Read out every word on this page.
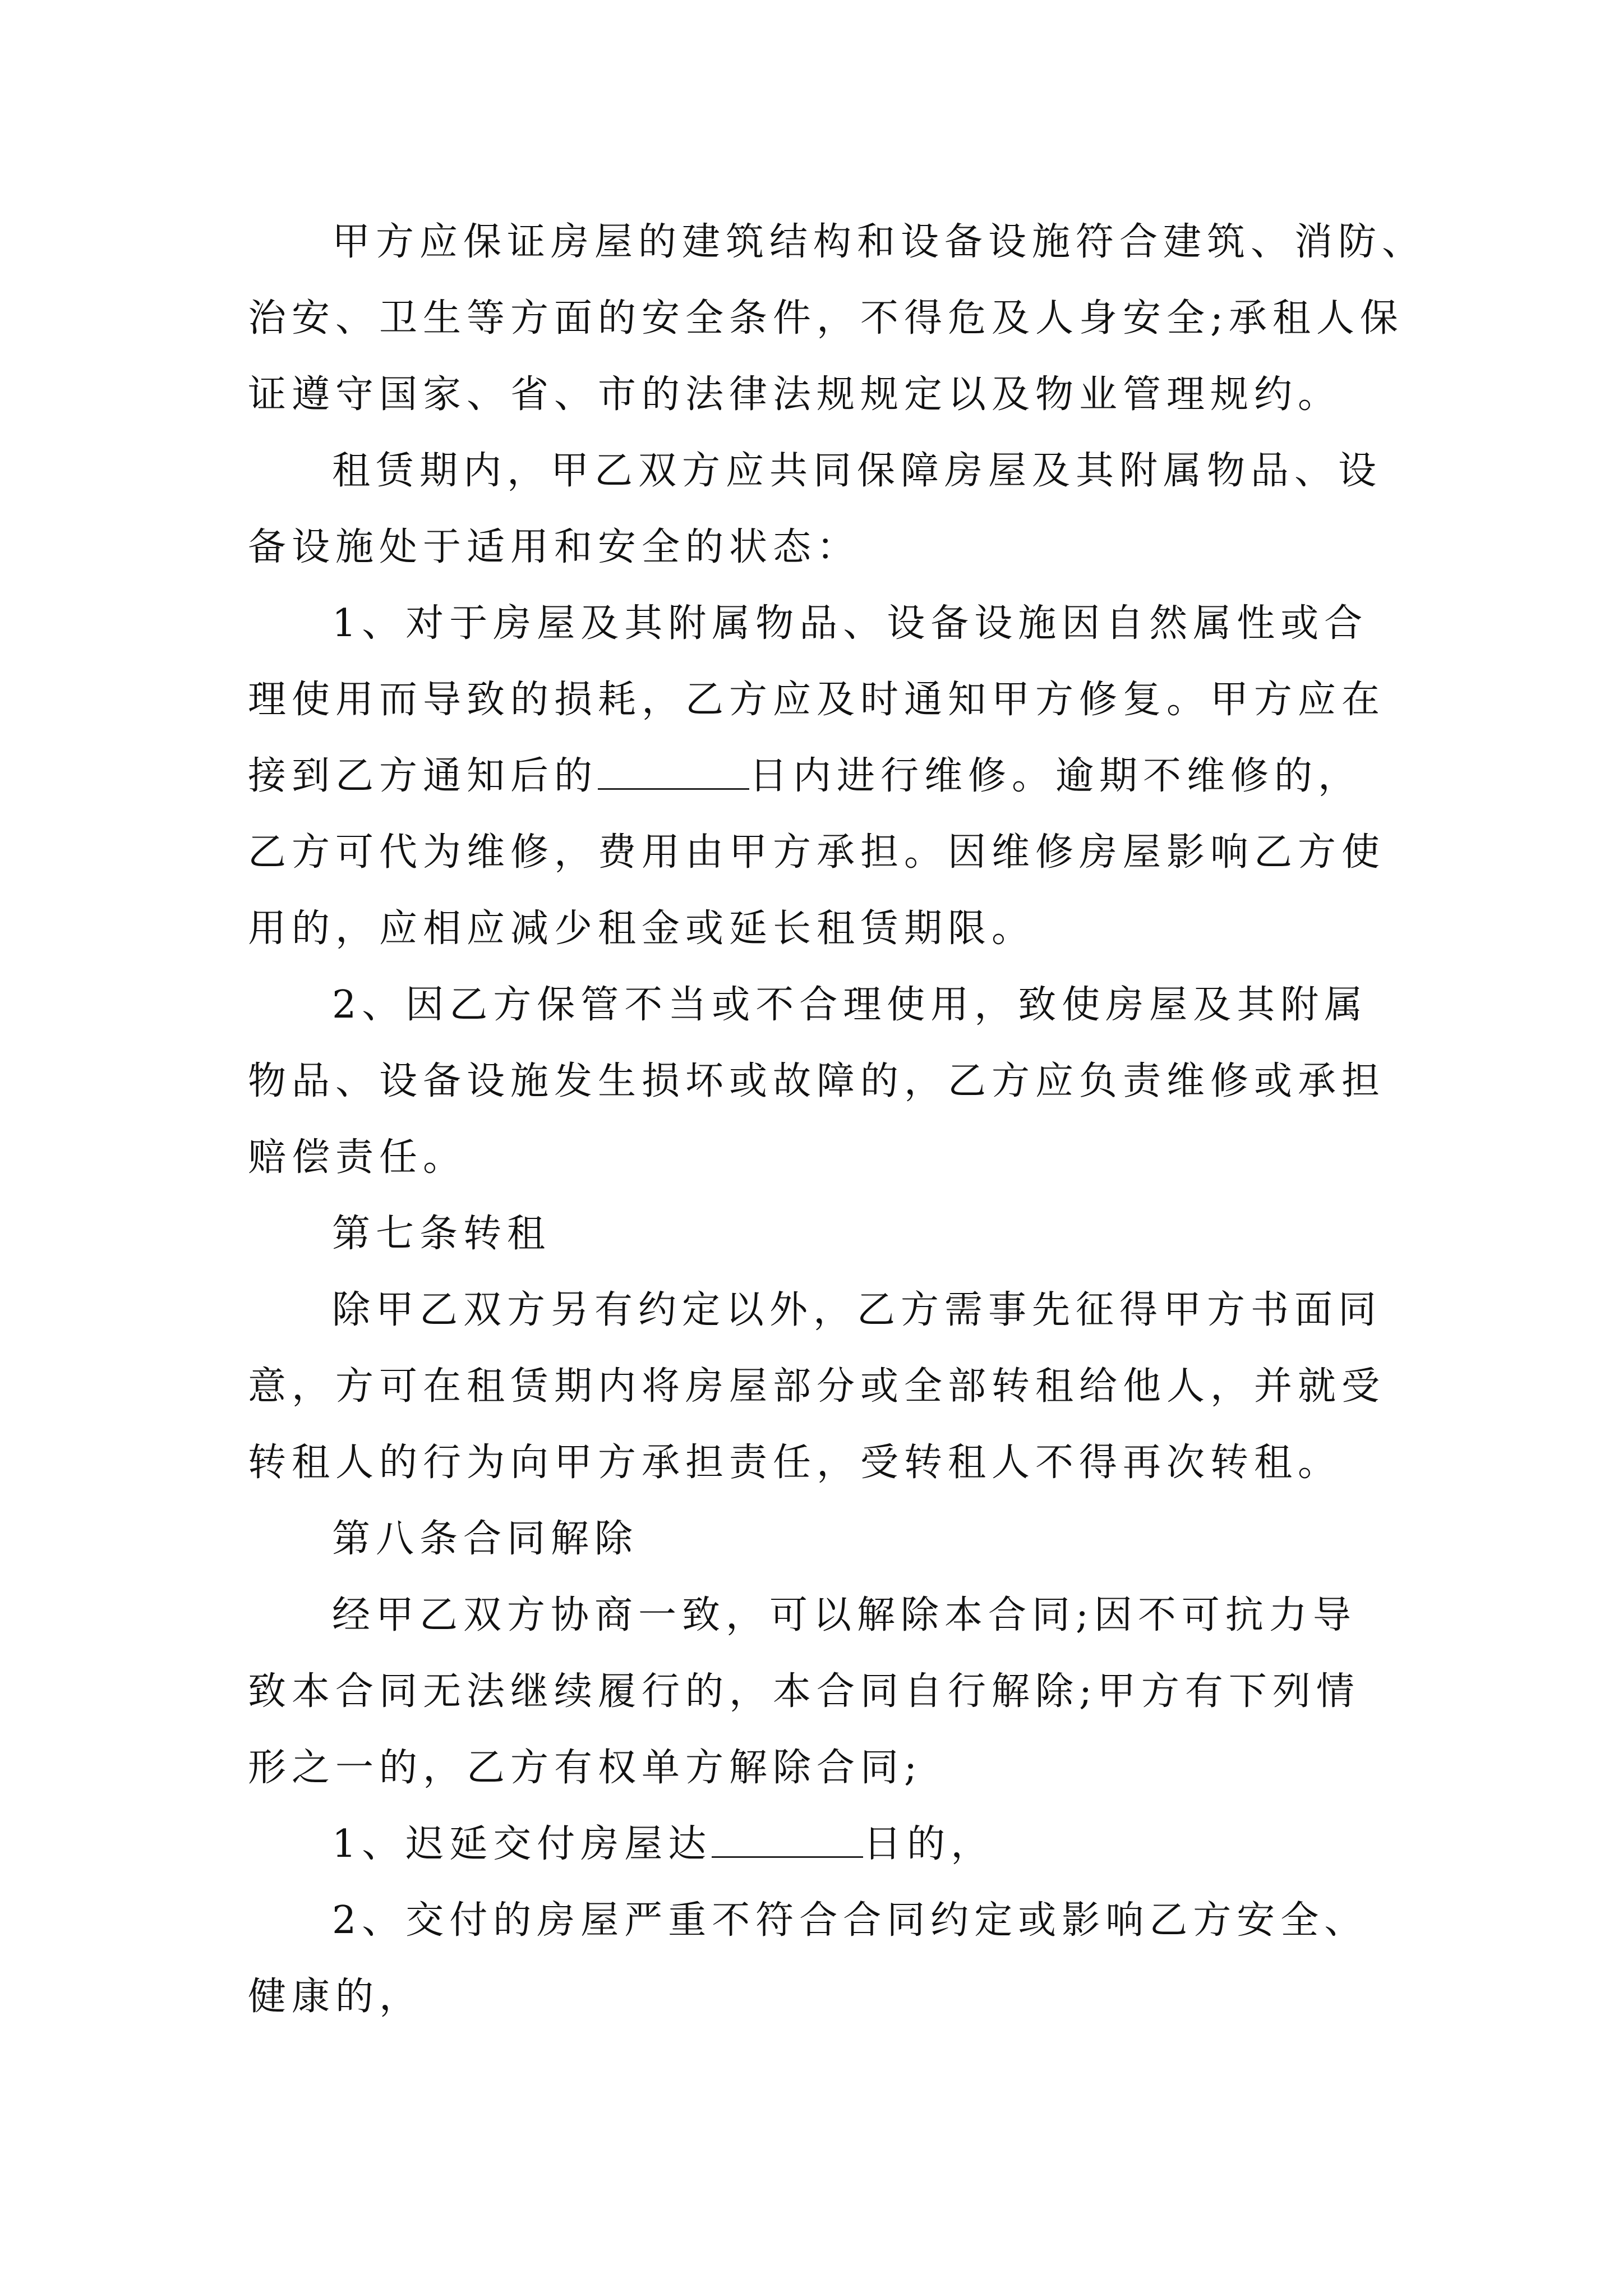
甲方应保证房屋的建筑结构和设备设施符合建筑、消防、治安、卫生等方面的安全条件，不得危及人身安全;承租人保证遵守国家、省、市的法律法规规定以及物业管理规约。

租赁期内，甲乙双方应共同保障房屋及其附属物品、设备设施处于适用和安全的状态：

1、对于房屋及其附属物品、设备设施因自然属性或合理使用而导致的损耗，乙方应及时通知甲方修复。甲方应在接到乙方通知后的	日内进行维修。逾期不维修的，乙方可代为维修，费用由甲方承担。因维修房屋影响乙方使用的，应相应减少租金或延长租赁期限。

2、因乙方保管不当或不合理使用，致使房屋及其附属物品、设备设施发生损坏或故障的，乙方应负责维修或承担赔偿责任。

第七条转租

除甲乙双方另有约定以外，乙方需事先征得甲方书面同意，方可在租赁期内将房屋部分或全部转租给他人，并就受转租人的行为向甲方承担责任，受转租人不得再次转租。

第八条合同解除

经甲乙双方协商一致，可以解除本合同;因不可抗力导致本合同无法继续履行的，本合同自行解除;甲方有下列情形之一的，乙方有权单方解除合同;

1、迟延交付房屋达	日的，

2、交付的房屋严重不符合合同约定或影响乙方安全、健康的，
